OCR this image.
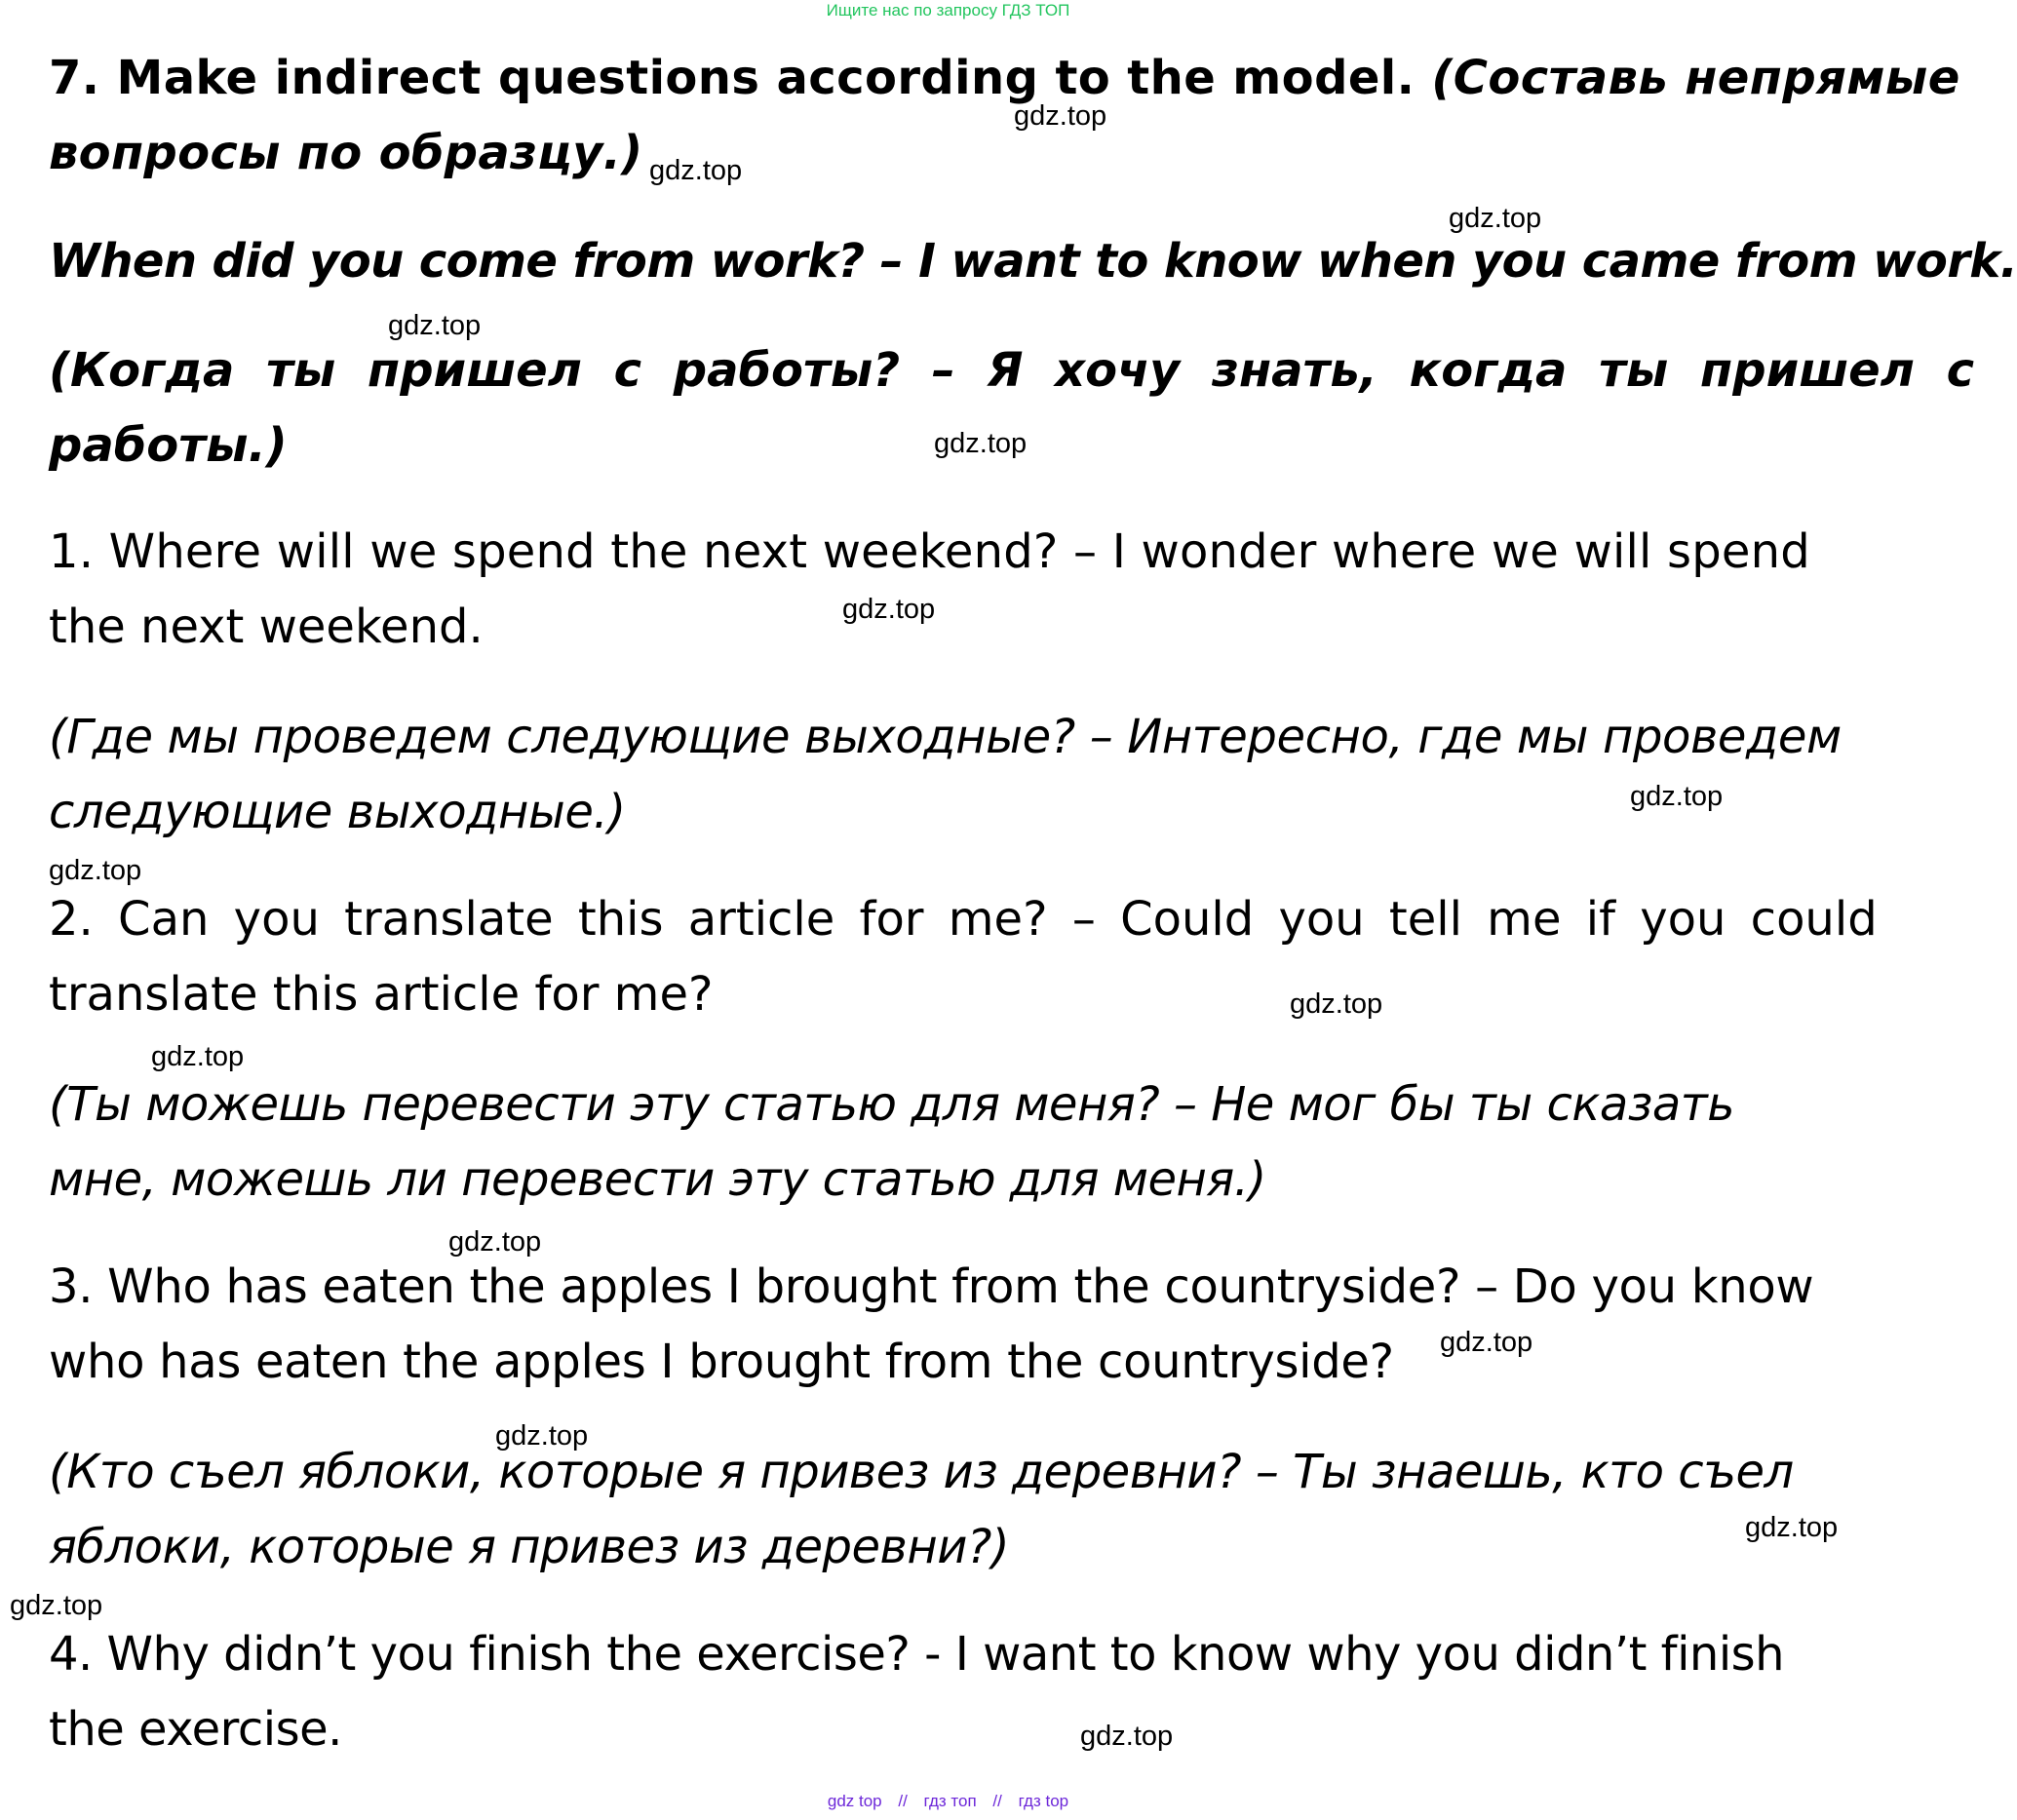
Ищите нас по запросу ГДЗ ТОП
7. Make indirect questions according to the model. (Составь непрямые
вопросы по образцу.)
When did you come from work? – I want to know when you came from work.
(Когда ты пришел с работы? – Я хочу знать, когда ты пришел с
работы.)
1. Where will we spend the next weekend? – I wonder where we will spend
the next weekend.
(Где мы проведем следующие выходные? – Интересно, где мы проведем
следующие выходные.)
2. Can you translate this article for me? – Could you tell me if you could
translate this article for me?
(Ты можешь перевести эту статью для меня? – Не мог бы ты сказать
мне, можешь ли перевести эту статью для меня.)
3. Who has eaten the apples I brought from the countryside? – Do you know
who has eaten the apples I brought from the countryside?
(Кто съел яблоки, которые я привез из деревни? – Ты знаешь, кто съел
яблоки, которые я привез из деревни?)
4. Why didn’t you finish the exercise? - I want to know why you didn’t finish
the exercise.
gdz.top
gdz.top
gdz.top
gdz.top
gdz.top
gdz.top
gdz.top
gdz.top
gdz.top
gdz.top
gdz.top
gdz.top
gdz.top
gdz.top
gdz.top
gdz.top
gdz top // гдз топ // гдз top
